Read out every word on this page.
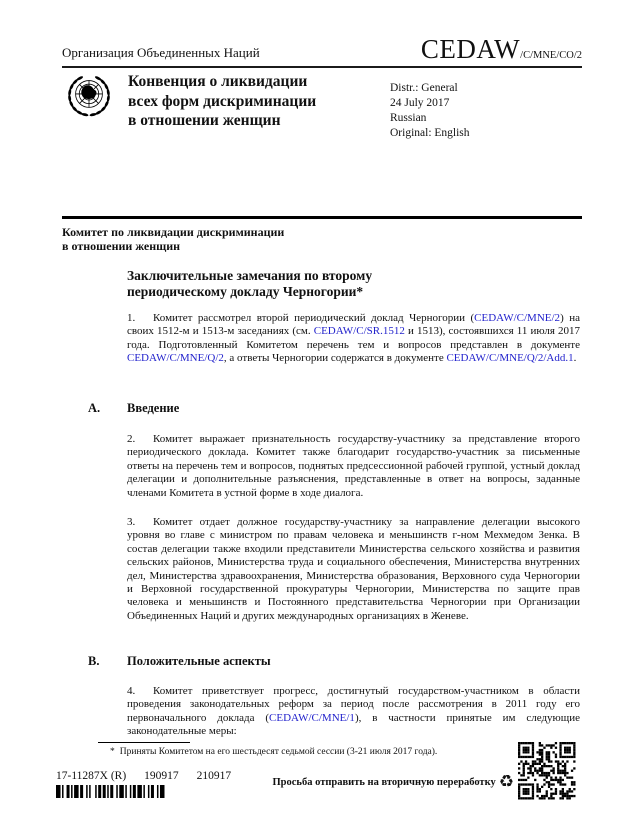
Организация Объединенных Наций	CEDAW/C/MNE/CO/2
Конвенция о ликвидации
всех форм дискриминации
в отношении женщин
Distr.: General
24 July 2017
Russian
Original: English
Комитет по ликвидации дискриминации
в отношении женщин
Заключительные замечания по второму
периодическому докладу Черногории*
1. Комитет рассмотрел второй периодический доклад Черногории (CEDAW/C/MNE/2) на своих 1512-м и 1513-м заседаниях (см. CEDAW/C/SR.1512 и 1513), состоявшихся 11 июля 2017 года. Подготовленный Комитетом перечень тем и вопросов представлен в документе CEDAW/C/MNE/Q/2, а ответы Черногории содержатся в документе CEDAW/C/MNE/Q/2/Add.1.
A. Введение
2. Комитет выражает признательность государству-участнику за представление второго периодического доклада. Комитет также благодарит государство-участник за письменные ответы на перечень тем и вопросов, поднятых предсессионной рабочей группой, устный доклад делегации и дополнительные разъяснения, представленные в ответ на вопросы, заданные членами Комитета в устной форме в ходе диалога.
3. Комитет отдает должное государству-участнику за направление делегации высокого уровня во главе с министром по правам человека и меньшинств г-ном Мехмедом Зенка. В состав делегации также входили представители Министерства сельского хозяйства и развития сельских районов, Министерства труда и социального обеспечения, Министерства внутренних дел, Министерства здравоохранения, Министерства образования, Верховного суда Черногории и Верховной государственной прокуратуры Черногории, Министерства по защите прав человека и меньшинств и Постоянного представительства Черногории при Организации Объединенных Наций и других международных организациях в Женеве.
B. Положительные аспекты
4. Комитет приветствует прогресс, достигнутый государством-участником в области проведения законодательных реформ за период после рассмотрения в 2011 году его первоначального доклада (CEDAW/C/MNE/1), в частности принятые им следующие законодательные меры:
* Приняты Комитетом на его шестьдесят седьмой сессии (3-21 июля 2017 года).
17-11287X (R) 190917 210917
Просьба отправить на вторичную переработку ♻
